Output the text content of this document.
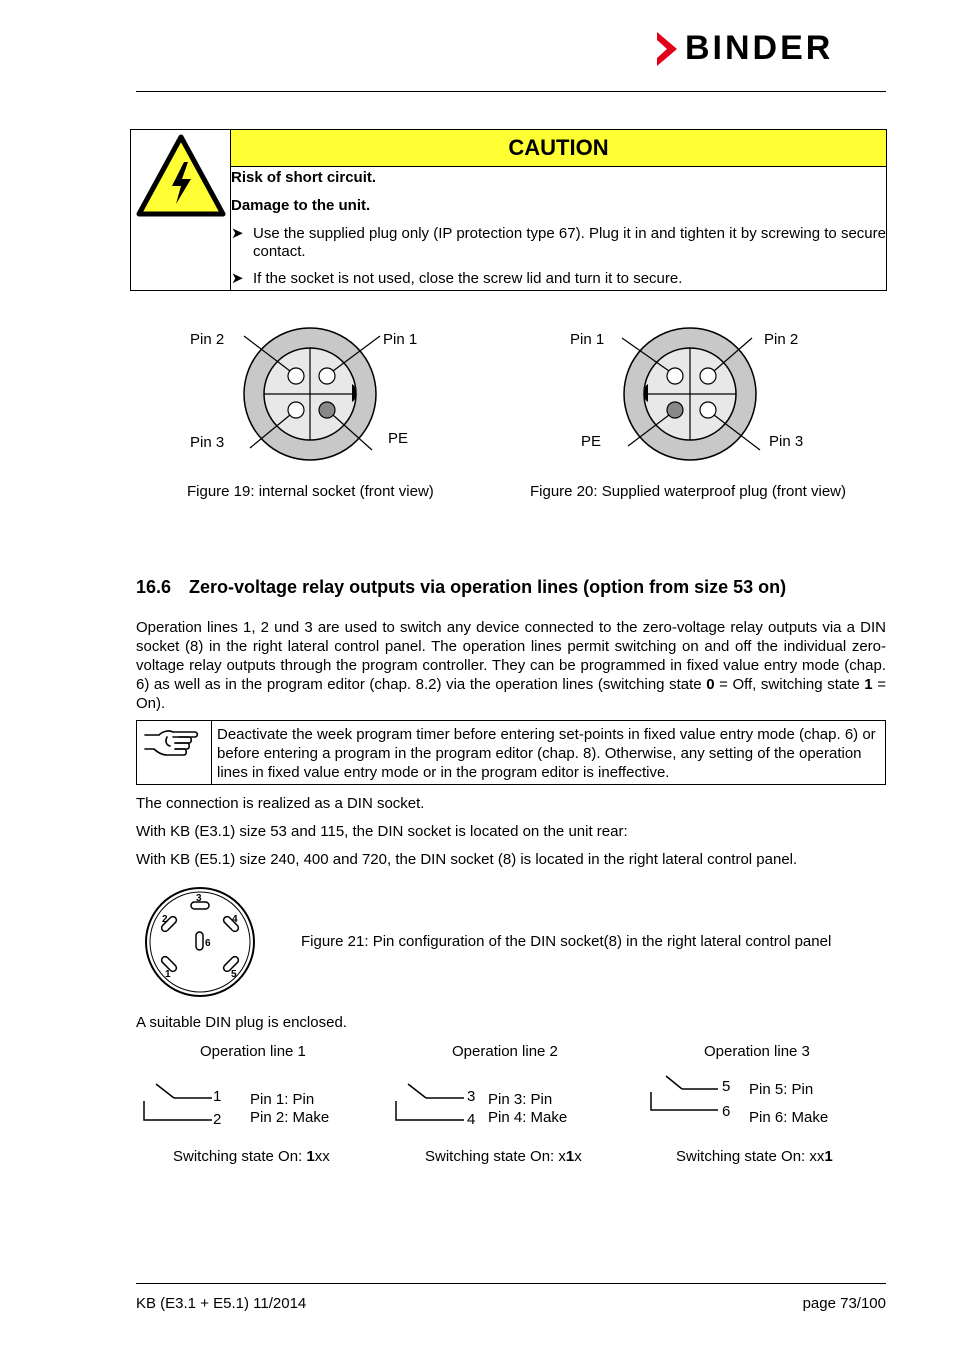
BINDER
	CAUTION

Risk of short circuit.

Damage to the unit.

➤ Use the supplied plug only (IP protection type 67). Plug it in and tighten it by screwing to secure contact.
➤ If the socket is not used, close the screw lid and turn it to secure.
Pin 2	Pin 1
Pin 3	PE
Figure 19: internal socket (front view)
Pin 1	Pin 2
PE	Pin 3
Figure 20: Supplied waterproof plug (front view)
16.6 Zero-voltage relay outputs via operation lines (option from size 53 on)
Operation lines 1, 2 und 3 are used to switch any device connected to the zero-voltage relay outputs via a DIN socket (8) in the right lateral control panel. The operation lines permit switching on and off the individual zero-voltage relay outputs through the program controller. They can be programmed in fixed value entry mode (chap. 6) as well as in the program editor (chap. 8.2) via the operation lines (switching state 0 = Off, switching state 1 = On).
Deactivate the week program timer before entering set-points in fixed value entry mode (chap. 6) or before entering a program in the program editor (chap. 8). Otherwise, any setting of the operation lines in fixed value entry mode or in the program editor is ineffective.
The connection is realized as a DIN socket.
With KB (E3.1) size 53 and 115, the DIN socket is located on the unit rear:
With KB (E5.1) size 240, 400 and 720, the DIN socket (8) is located in the right lateral control panel.
3
2	4
6
1	5
Figure 21: Pin configuration of the DIN socket(8) in the right lateral control panel
A suitable DIN plug is enclosed.
Operation line 1
1
2
Pin 1: Pin
Pin 2: Make
Switching state On: 1xx
Operation line 2
3
4
Pin 3: Pin
Pin 4: Make
Switching state On: x1x
Operation line 3
5
6
Pin 5: Pin
Pin 6: Make
Switching state On: xx1
KB (E3.1 + E5.1) 11/2014	page 73/100
